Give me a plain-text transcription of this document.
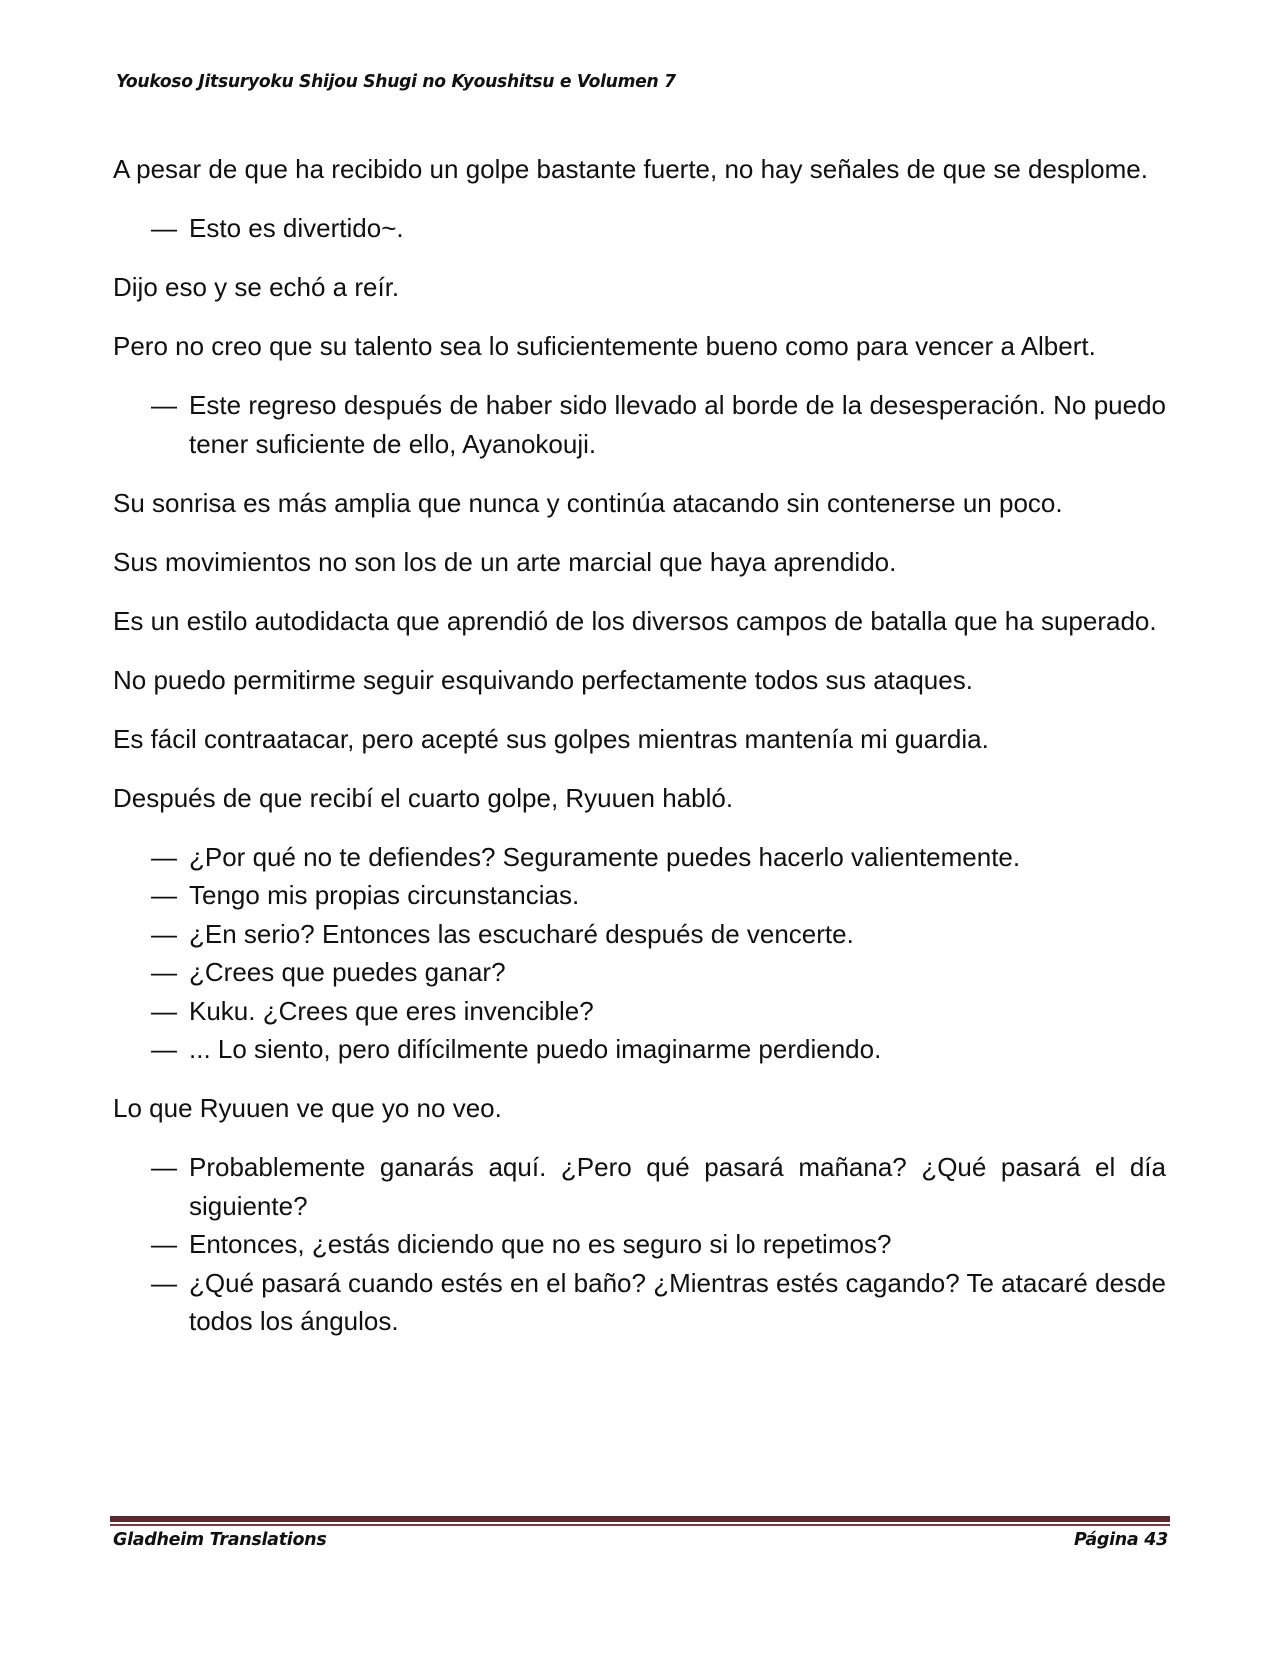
Youkoso Jitsuryoku Shijou Shugi no Kyoushitsu e Volumen 7

A pesar de que ha recibido un golpe bastante fuerte, no hay señales de que se desplome.

— Esto es divertido~.

Dijo eso y se echó a reír.

Pero no creo que su talento sea lo suficientemente bueno como para vencer a Albert.

— Este regreso después de haber sido llevado al borde de la desesperación. No puedo tener suficiente de ello, Ayanokouji.

Su sonrisa es más amplia que nunca y continúa atacando sin contenerse un poco.

Sus movimientos no son los de un arte marcial que haya aprendido.

Es un estilo autodidacta que aprendió de los diversos campos de batalla que ha superado.

No puedo permitirme seguir esquivando perfectamente todos sus ataques.

Es fácil contraatacar, pero acepté sus golpes mientras mantenía mi guardia.

Después de que recibí el cuarto golpe, Ryuuen habló.

— ¿Por qué no te defiendes? Seguramente puedes hacerlo valientemente.
— Tengo mis propias circunstancias.
— ¿En serio? Entonces las escucharé después de vencerte.
— ¿Crees que puedes ganar?
— Kuku. ¿Crees que eres invencible?
— ... Lo siento, pero difícilmente puedo imaginarme perdiendo.

Lo que Ryuuen ve que yo no veo.

— Probablemente ganarás aquí. ¿Pero qué pasará mañana? ¿Qué pasará el día siguiente?
— Entonces, ¿estás diciendo que no es seguro si lo repetimos?
— ¿Qué pasará cuando estés en el baño? ¿Mientras estés cagando? Te atacaré desde todos los ángulos.
Gladheim Translations	Página 43
